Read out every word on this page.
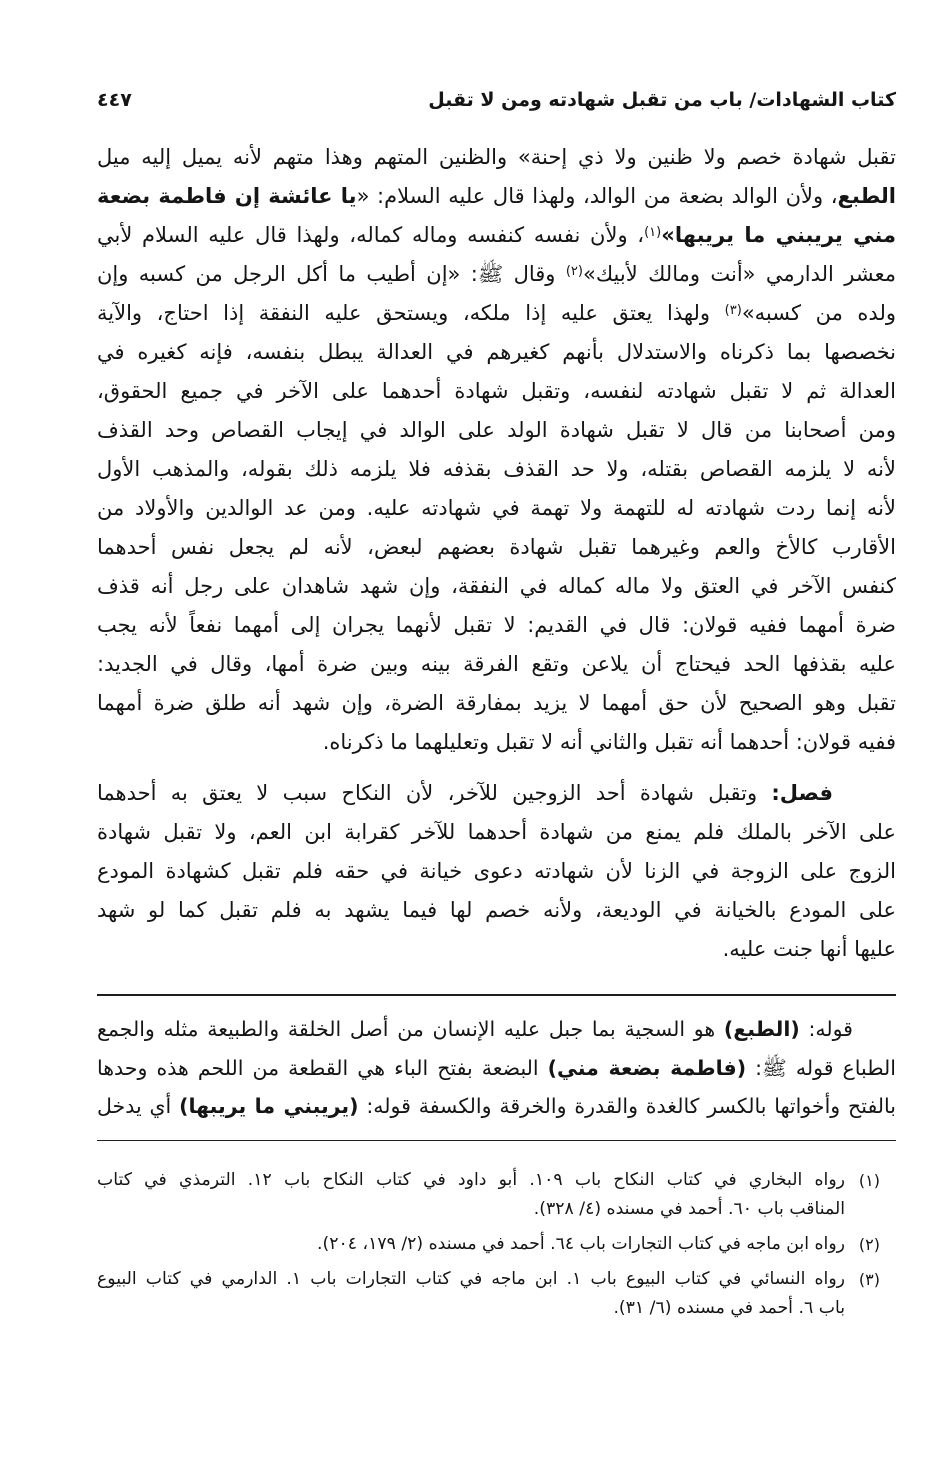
كتاب الشهادات/ باب من تقبل شهادته ومن لا تقبل
٤٤٧
تقبل شهادة خصم ولا ظنين ولا ذي إحنة» والظنين المتهم وهذا متهم لأنه يميل إليه ميل
الطبع، ولأن الوالد بضعة من الوالد، ولهذا قال عليه السلام: «يا عائشة إن فاطمة بضعة
مني يريبني ما يريبها»$^{(١)}$، ولأن نفسه كنفسه وماله كماله، ولهذا قال عليه السلام لأبي
معشر الدارمي «أنت ومالك لأبيك»$^{(٢)}$ وقال ﷺ: «إن أطيب ما أكل الرجل من كسبه وإن
ولده من كسبه»$^{(٣)}$ ولهذا يعتق عليه إذا ملكه، ويستحق عليه النفقة إذا احتاج، والآية
نخصصها بما ذكرناه والاستدلال بأنهم كغيرهم في العدالة يبطل بنفسه، فإنه كغيره في
العدالة ثم لا تقبل شهادته لنفسه، وتقبل شهادة أحدهما على الآخر في جميع الحقوق،
ومن أصحابنا من قال لا تقبل شهادة الولد على الوالد في إيجاب القصاص وحد القذف
لأنه لا يلزمه القصاص بقتله، ولا حد القذف بقذفه فلا يلزمه ذلك بقوله، والمذهب الأول
لأنه إنما ردت شهادته له للتهمة ولا تهمة في شهادته عليه. ومن عد الوالدين والأولاد من
الأقارب كالأخ والعم وغيرهما تقبل شهادة بعضهم لبعض، لأنه لم يجعل نفس أحدهما
كنفس الآخر في العتق ولا ماله كماله في النفقة، وإن شهد شاهدان على رجل أنه قذف
ضرة أمهما ففيه قولان: قال في القديم: لا تقبل لأنهما يجران إلى أمهما نفعاً لأنه يجب
عليه بقذفها الحد فيحتاج أن يلاعن وتقع الفرقة بينه وبين ضرة أمها، وقال في الجديد:
تقبل وهو الصحيح لأن حق أمهما لا يزيد بمفارقة الضرة، وإن شهد أنه طلق ضرة أمهما
ففيه قولان: أحدهما أنه تقبل والثاني أنه لا تقبل وتعليلهما ما ذكرناه.
فصل: وتقبل شهادة أحد الزوجين للآخر، لأن النكاح سبب لا يعتق به أحدهما
على الآخر بالملك فلم يمنع من شهادة أحدهما للآخر كقرابة ابن العم، ولا تقبل شهادة
الزوج على الزوجة في الزنا لأن شهادته دعوى خيانة في حقه فلم تقبل كشهادة المودع
على المودع بالخيانة في الوديعة، ولأنه خصم لها فيما يشهد به فلم تقبل كما لو شهد
عليها أنها جنت عليه.
قوله: (الطبع) هو السجية بما جبل عليه الإنسان من أصل الخلقة والطبيعة مثله والجمع
الطباع قوله ﷺ: (فاطمة بضعة مني) البضعة بفتح الباء هي القطعة من اللحم هذه وحدها
بالفتح وأخواتها بالكسر كالغدة والقدرة والخرقة والكسفة قوله: (يريبني ما يريبها) أي يدخل
(١)
رواه البخاري في كتاب النكاح باب ١٠٩. أبو داود في كتاب النكاح باب ١٢. الترمذي في كتاب
المناقب باب ٦٠. أحمد في مسنده (٤/ ٣٢٨).
(٢)
رواه ابن ماجه في كتاب التجارات باب ٦٤. أحمد في مسنده (٢/ ١٧٩، ٢٠٤).
(٣)
رواه النسائي في كتاب البيوع باب ١. ابن ماجه في كتاب التجارات باب ١. الدارمي في كتاب البيوع
باب ٦. أحمد في مسنده (٦/ ٣١).
